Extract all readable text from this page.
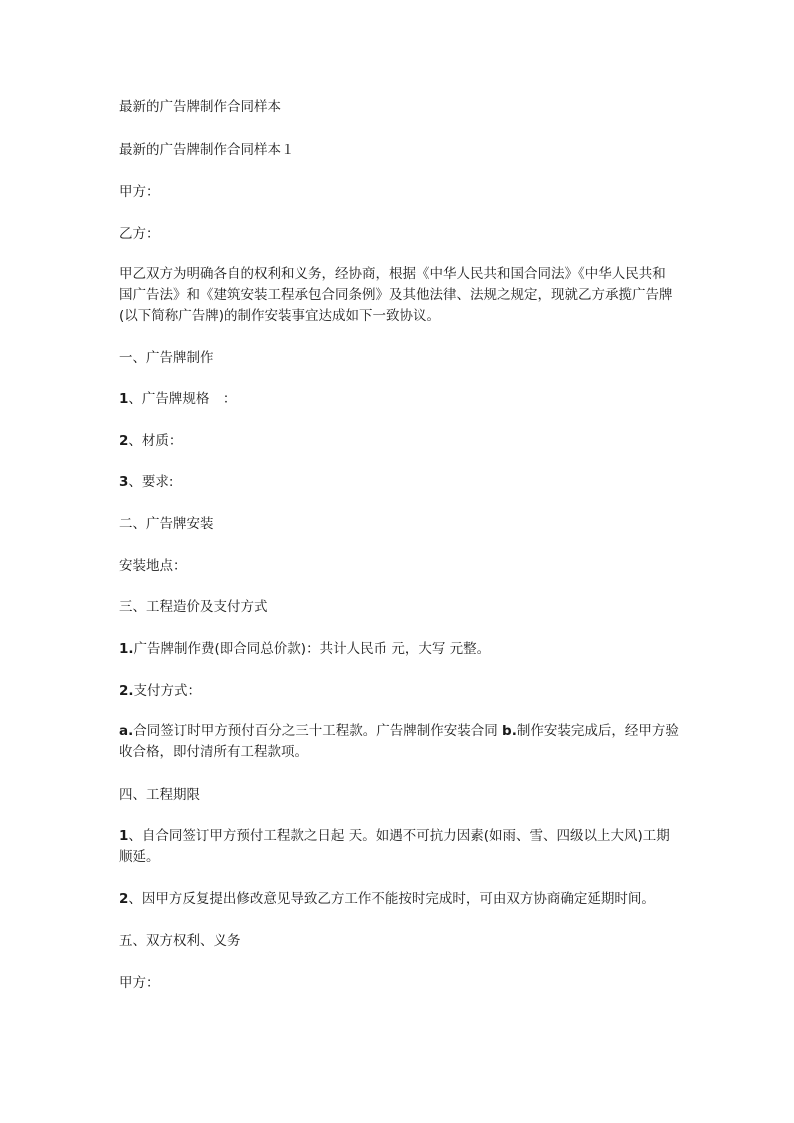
最新的广告牌制作合同样本

最新的广告牌制作合同样本１

甲方：

乙方：

甲乙双方为明确各自的权利和义务，经协商，根据《中华人民共和国合同法》《中华人民共和国广告法》和《建筑安装工程承包合同条例》及其他法律、法规之规定，现就乙方承揽广告牌(以下简称广告牌)的制作安装事宜达成如下一致协议。

一、广告牌制作

1、广告牌规格　：

2、材质：

3、要求:

二、广告牌安装

安装地点：

三、工程造价及支付方式

1.广告牌制作费(即合同总价款)：共计人民币 元，大写 元整。

2.支付方式：

a.合同签订时甲方预付百分之三十工程款。广告牌制作安装合同 b.制作安装完成后，经甲方验收合格，即付清所有工程款项。

四、工程期限

1、自合同签订甲方预付工程款之日起 天。如遇不可抗力因素(如雨、雪、四级以上大风)工期顺延。

2、因甲方反复提出修改意见导致乙方工作不能按时完成时，可由双方协商确定延期时间。

五、双方权利、义务

甲方：
